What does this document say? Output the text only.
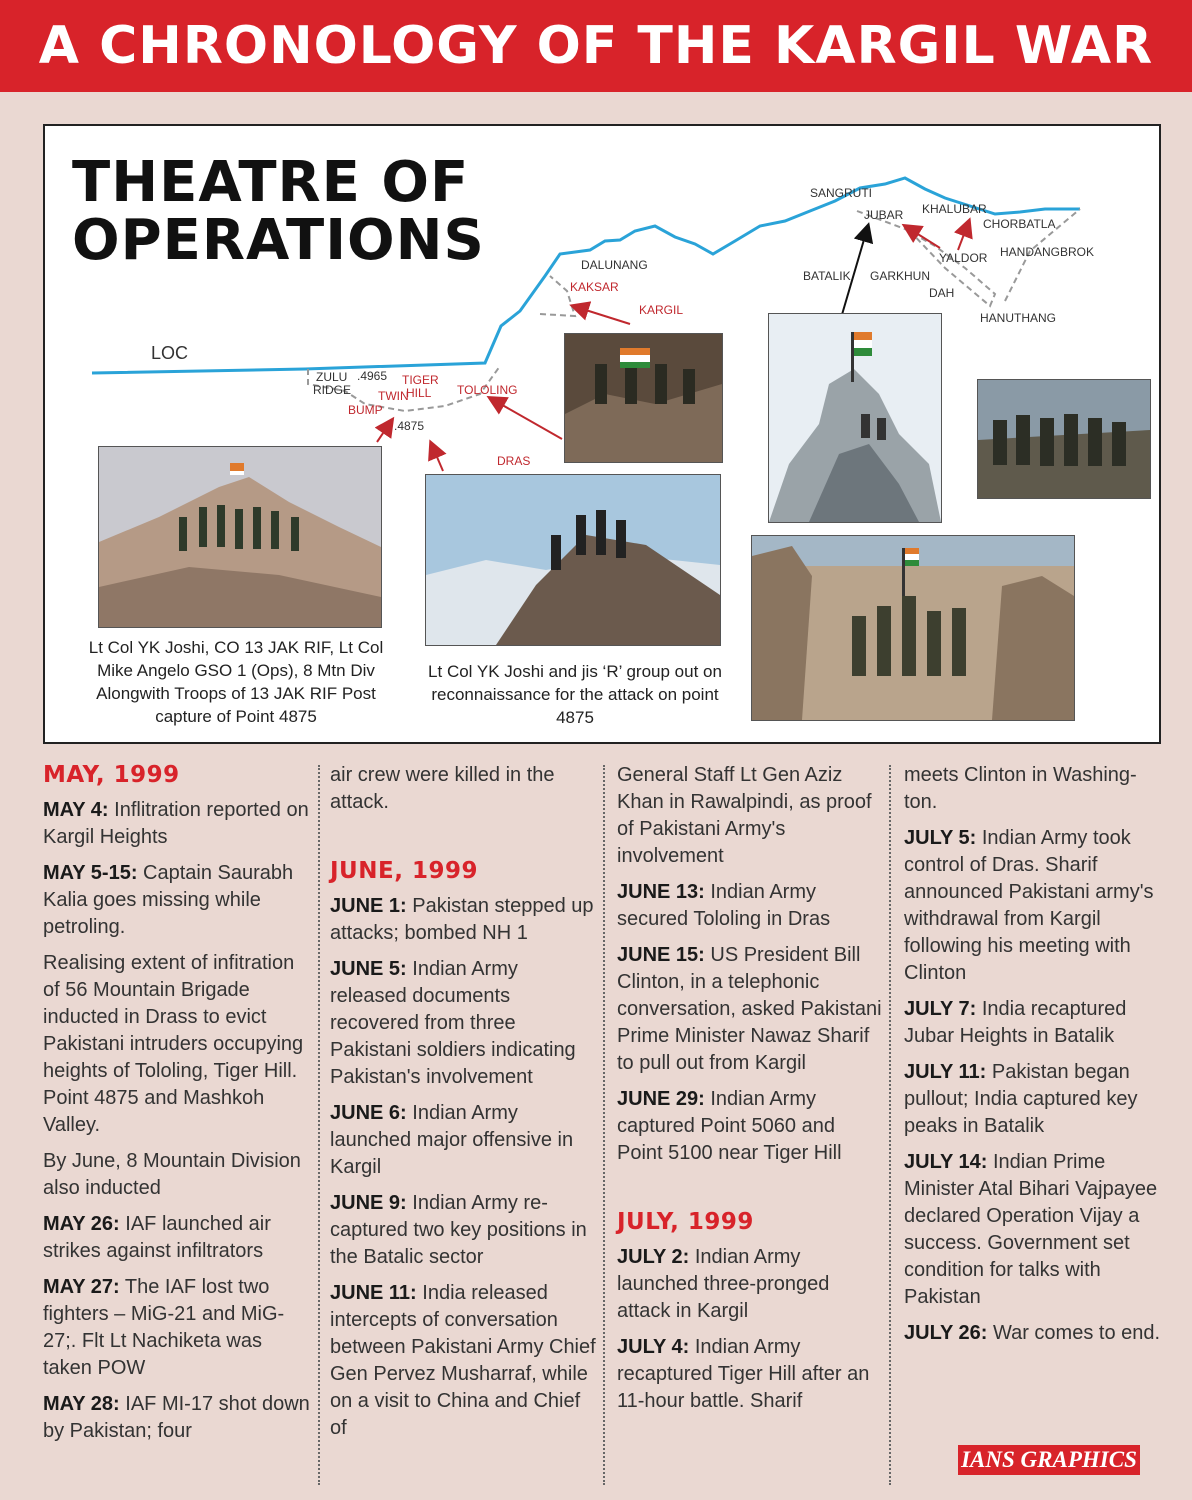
A CHRONOLOGY OF THE KARGIL WAR
THEATRE OF
OPERATIONS
LOC
ZULU
RIDGE
.4965 TIGER
HILL
TWIN
BUMP
.4875
TOLOLING
DRAS
DALUNANG
KAKSAR
KARGIL
SANGRUTI
JUBAR KHALUBAR
CHORBATLA
YALDOR HANDANGBROK
BATALIK GARKHUN
DAH
HANUTHANG
Lt Col YK Joshi, CO 13 JAK RIF, Lt Col Mike Angelo GSO 1 (Ops), 8 Mtn Div Alongwith Troops of 13 JAK RIF Post capture of Point 4875
Lt Col YK Joshi and jis ‘R’ group out on reconnaissance for the attack on point 4875
MAY, 1999

MAY 4: Inflitration reported on Kargil Heights

MAY 5-15: Captain Saurabh Kalia goes missing while petroling.

Realising extent of infitration of 56 Mountain Brigade inducted in Drass to evict Pakistani intruders occupying heights of Tololing, Tiger Hill. Point 4875 and Mashkoh Valley.

By June, 8 Mountain Division also inducted

MAY 26: IAF launched air strikes against infiltrators

MAY 27: The IAF lost two fighters – MiG-21 and MiG-27;. Flt Lt Nachiketa was taken POW

MAY 28: IAF MI-17 shot down by Pakistan; four

air crew were killed in the attack.

JUNE, 1999

JUNE 1: Pakistan stepped up attacks; bombed NH 1

JUNE 5: Indian Army released documents recovered from three Pakistani soldiers indicating Pakistan's involvement

JUNE 6: Indian Army launched major offensive in Kargil

JUNE 9: Indian Army re-captured two key positions in the Batalic sector

JUNE 11: India released intercepts of conversation between Pakistani Army Chief Gen Pervez Musharraf, while on a visit to China and Chief of

General Staff Lt Gen Aziz Khan in Rawalpindi, as proof of Pakistani Army's involvement

JUNE 13: Indian Army secured Tololing in Dras

JUNE 15: US President Bill Clinton, in a telephonic conversation, asked Pakistani Prime Minister Nawaz Sharif to pull out from Kargil

JUNE 29: Indian Army captured Point 5060 and Point 5100 near Tiger Hill

JULY, 1999

JULY 2: Indian Army launched three-pronged attack in Kargil

JULY 4: Indian Army recaptured Tiger Hill after an 11-hour battle. Sharif

meets Clinton in Washing-ton.

JULY 5: Indian Army took control of Dras. Sharif announced Pakistani army's withdrawal from Kargil following his meeting with Clinton

JULY 7: India recaptured Jubar Heights in Batalik

JULY 11: Pakistan began pullout; India captured key peaks in Batalik

JULY 14: Indian Prime Minister Atal Bihari Vajpayee declared Operation Vijay a success. Government set condition for talks with Pakistan

JULY 26: War comes to end.

IANS GRAPHICS
